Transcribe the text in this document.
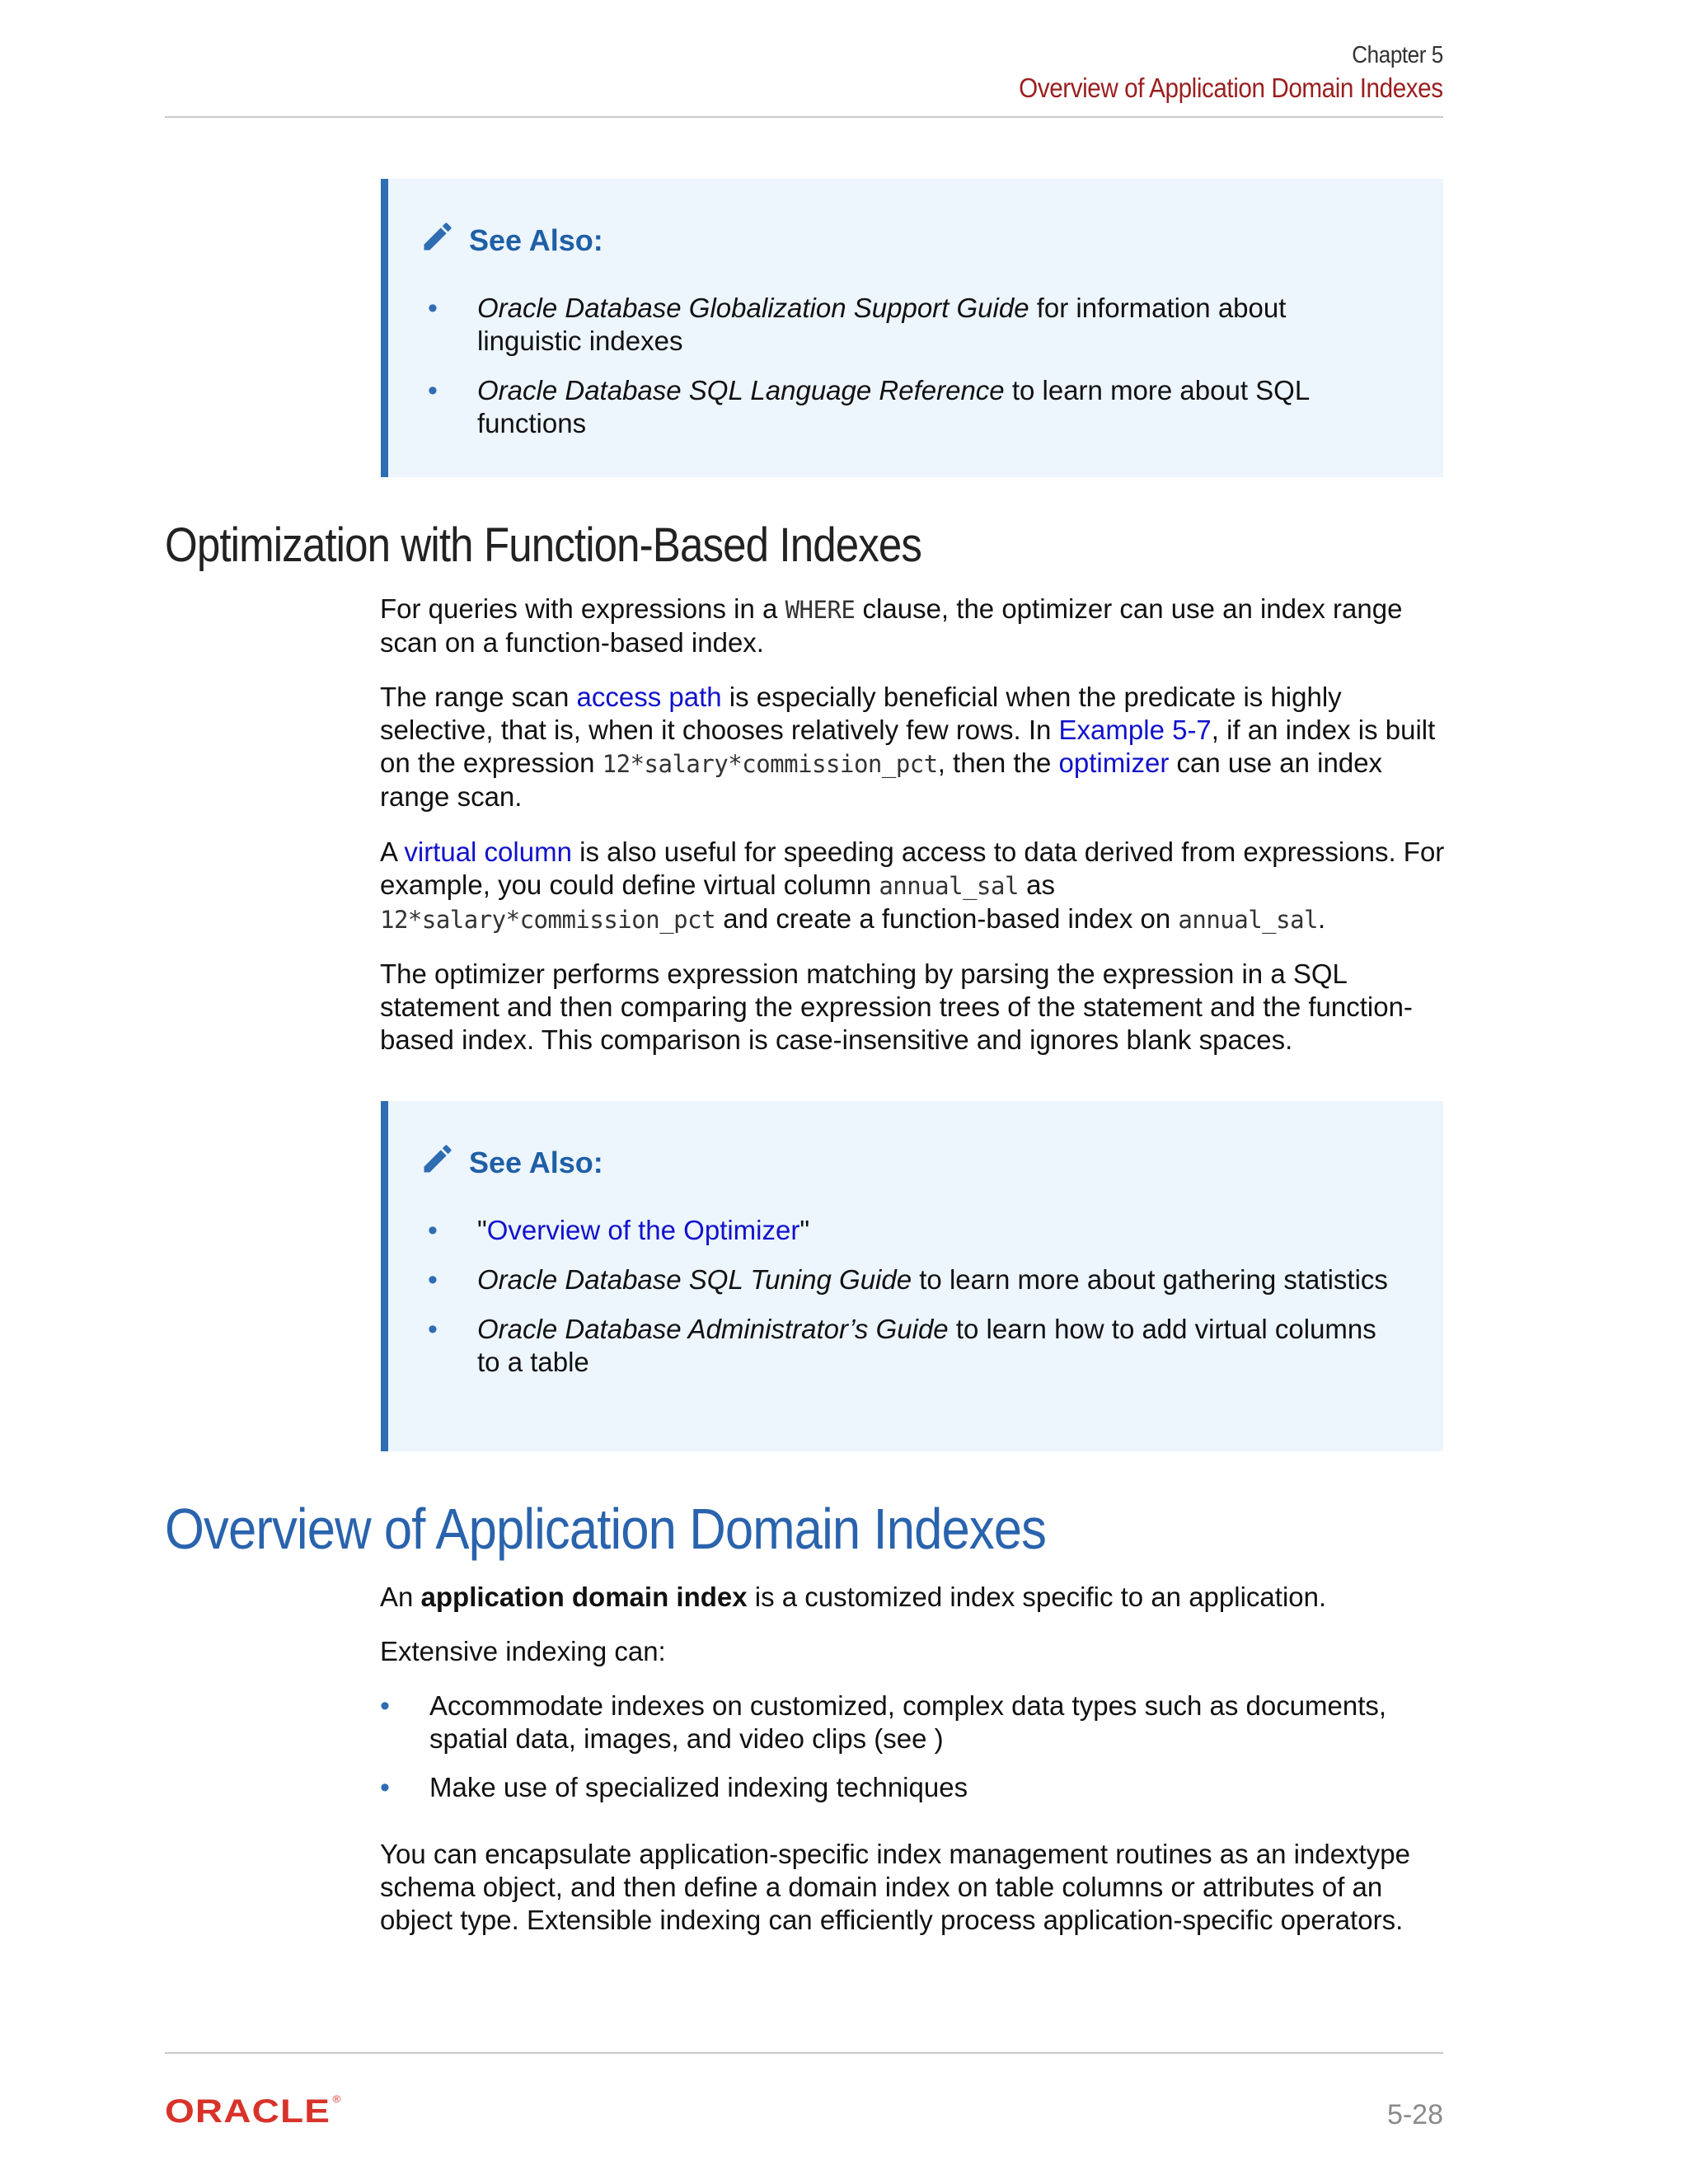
Chapter 5
Overview of Application Domain Indexes
See Also:
• Oracle Database Globalization Support Guide for information about linguistic indexes
• Oracle Database SQL Language Reference to learn more about SQL functions
Optimization with Function-Based Indexes
For queries with expressions in a WHERE clause, the optimizer can use an index range scan on a function-based index.
The range scan access path is especially beneficial when the predicate is highly selective, that is, when it chooses relatively few rows. In Example 5-7, if an index is built on the expression 12*salary*commission_pct, then the optimizer can use an index range scan.
A virtual column is also useful for speeding access to data derived from expressions. For example, you could define virtual column annual_sal as
12*salary*commission_pct and create a function-based index on annual_sal.
The optimizer performs expression matching by parsing the expression in a SQL statement and then comparing the expression trees of the statement and the function-based index. This comparison is case-insensitive and ignores blank spaces.
See Also:
• "Overview of the Optimizer"
• Oracle Database SQL Tuning Guide to learn more about gathering statistics
• Oracle Database Administrator’s Guide to learn how to add virtual columns to a table
Overview of Application Domain Indexes
An application domain index is a customized index specific to an application.
Extensive indexing can:
• Accommodate indexes on customized, complex data types such as documents, spatial data, images, and video clips (see )
• Make use of specialized indexing techniques
You can encapsulate application-specific index management routines as an indextype schema object, and then define a domain index on table columns or attributes of an object type. Extensible indexing can efficiently process application-specific operators.
ORACLE ®	5-28
